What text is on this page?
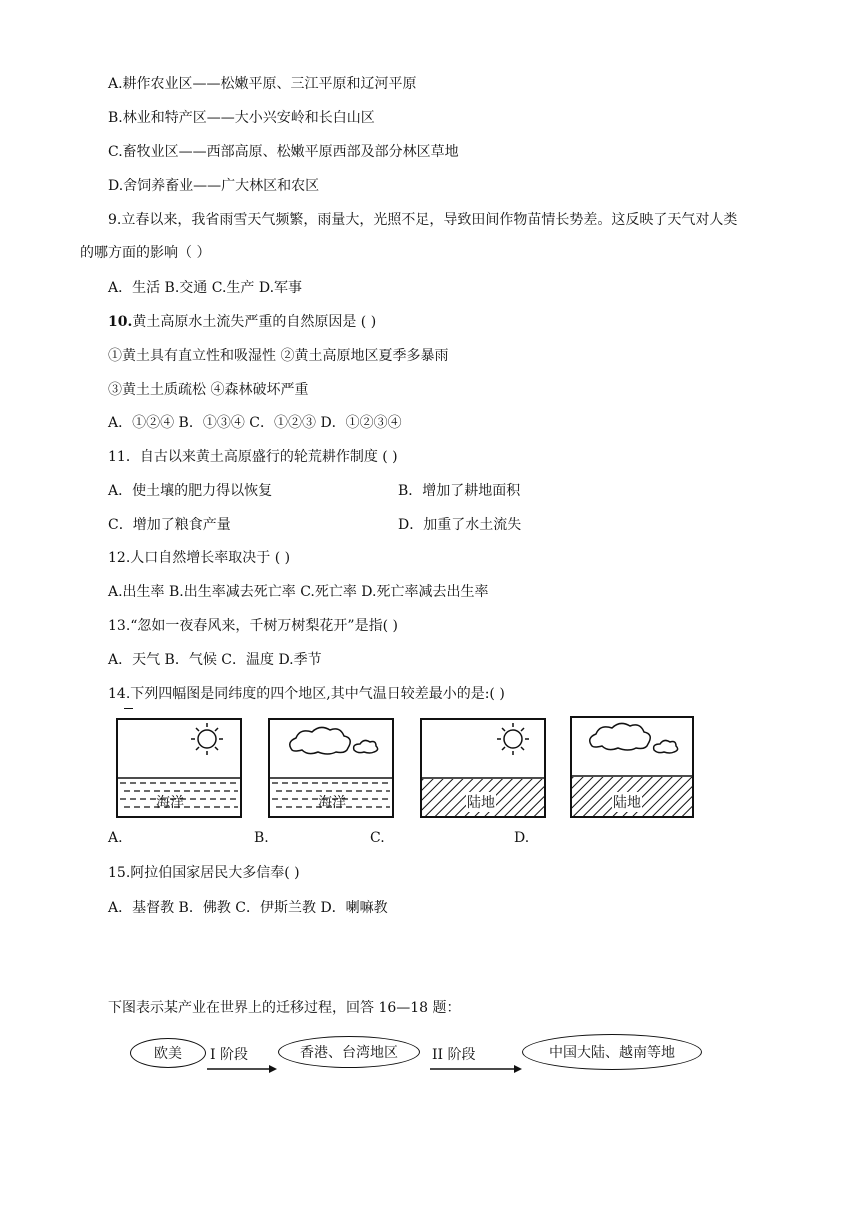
A.耕作农业区——松嫩平原、三江平原和辽河平原
B.林业和特产区——大小兴安岭和长白山区
C.畜牧业区——西部高原、松嫩平原西部及部分林区草地
D.舍饲养畜业——广大林区和农区
9.立春以来，我省雨雪天气频繁，雨量大，光照不足，导致田间作物苗情长势差。这反映了天气对人类
的哪方面的影响（ ）
A．生活 B.交通 C.生产 D.军事
10.黄土高原水土流失严重的自然原因是 ( )
①黄土具有直立性和吸湿性 ②黄土高原地区夏季多暴雨
③黄土土质疏松 ④森林破坏严重
A．①②④ B．①③④ C．①②③ D．①②③④
11．自古以来黄土高原盛行的轮荒耕作制度 ( )
A．使土壤的肥力得以恢复	B．增加了耕地面积
C．增加了粮食产量	D．加重了水土流失
12.人口自然增长率取决于 ( )
A.出生率 B.出生率减去死亡率 C.死亡率 D.死亡率减去出生率
13.“忽如一夜春风来，千树万树梨花开”是指( )
A．天气 B．气候 C．温度 D.季节
14.下列四幅图是同纬度的四个地区,其中气温日较差最小的是:( )
海洋	海洋	陆地	陆地
A.	B.	C.	D.
15.阿拉伯国家居民大多信奉( )
A．基督教 B．佛教 C．伊斯兰教 D．喇嘛教
下图表示某产业在世界上的迁移过程，回答 16—18 题：
欧美	I 阶段	香港、台湾地区	II 阶段	中国大陆、越南等地
